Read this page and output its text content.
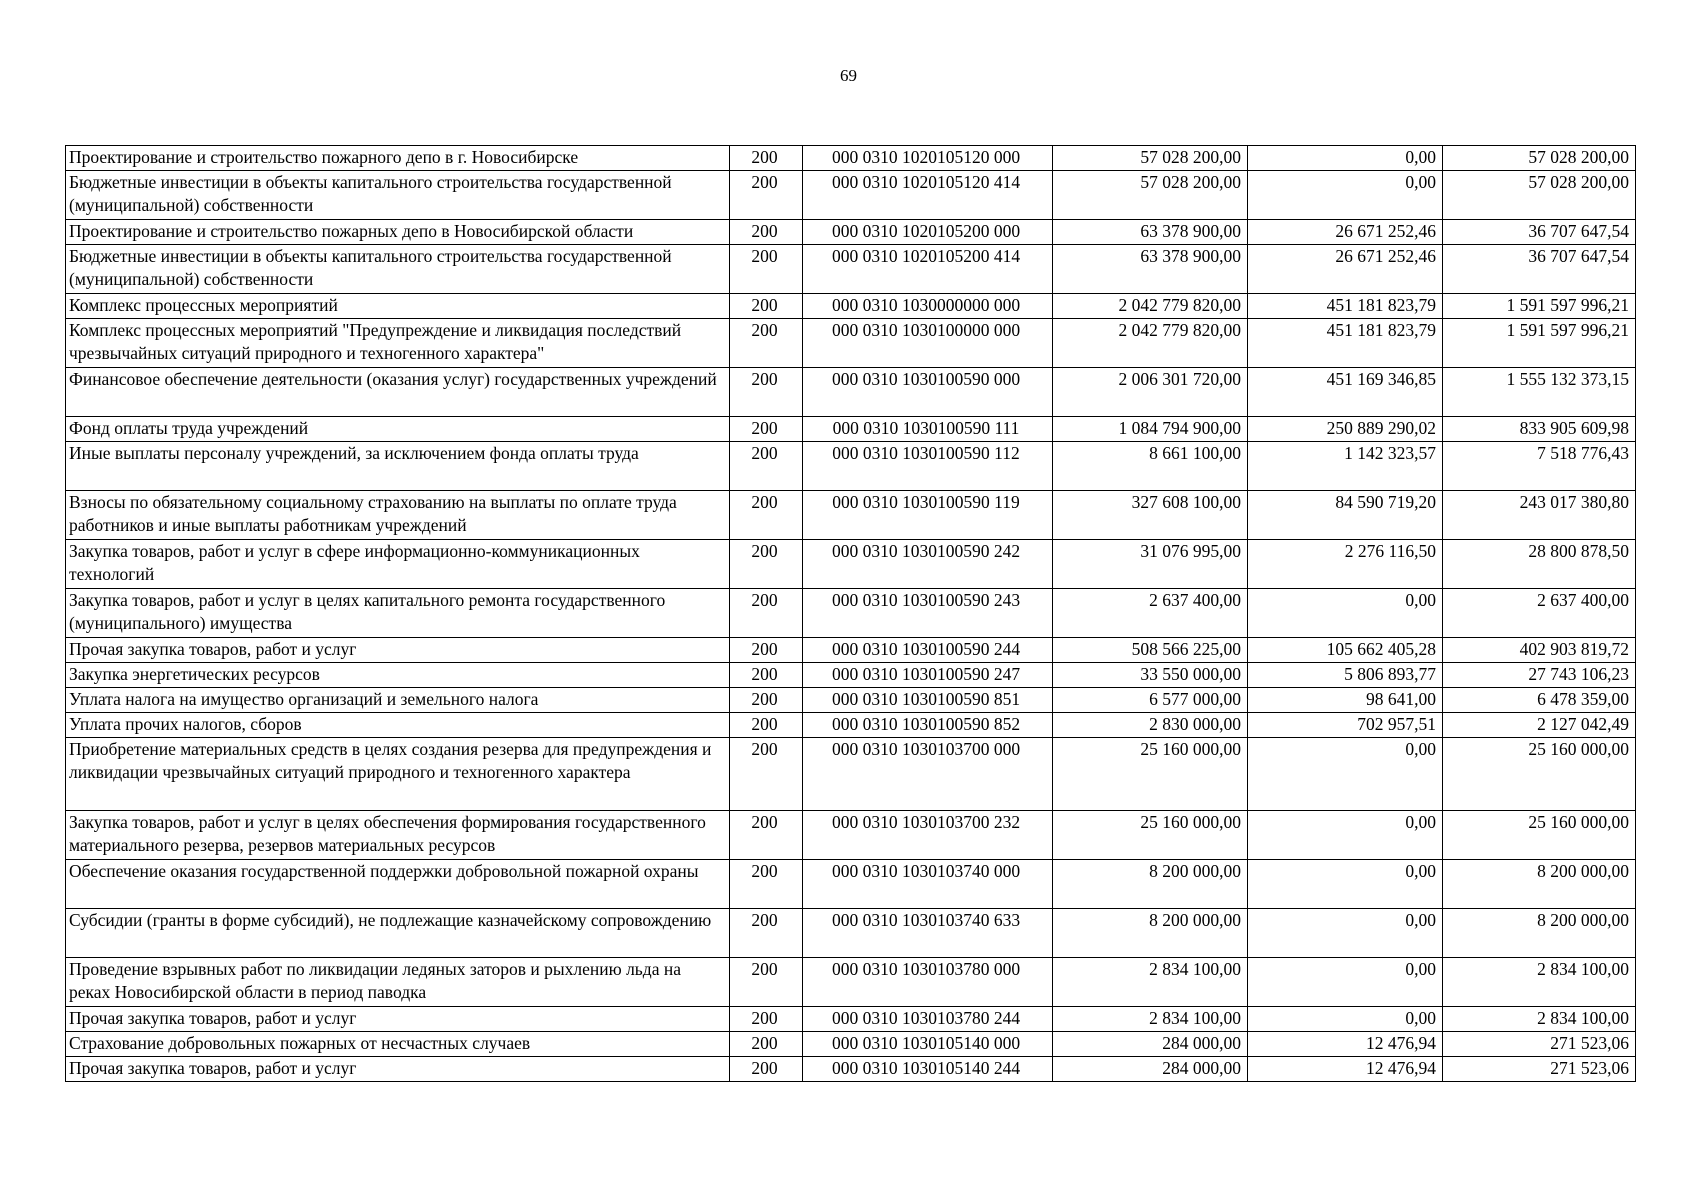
69
Проектирование и строительство пожарного депо в г. Новосибирске	200	000 0310 1020105120 000	57 028 200,00	0,00	57 028 200,00
Бюджетные инвестиции в объекты капитального строительства государственной (муниципальной) собственности	200	000 0310 1020105120 414	57 028 200,00	0,00	57 028 200,00
Проектирование и строительство пожарных депо в Новосибирской области	200	000 0310 1020105200 000	63 378 900,00	26 671 252,46	36 707 647,54
Бюджетные инвестиции в объекты капитального строительства государственной (муниципальной) собственности	200	000 0310 1020105200 414	63 378 900,00	26 671 252,46	36 707 647,54
Комплекс процессных мероприятий	200	000 0310 1030000000 000	2 042 779 820,00	451 181 823,79	1 591 597 996,21
Комплекс процессных мероприятий "Предупреждение и ликвидация последствий чрезвычайных ситуаций природного и техногенного характера"	200	000 0310 1030100000 000	2 042 779 820,00	451 181 823,79	1 591 597 996,21
Финансовое обеспечение деятельности (оказания услуг) государственных учреждений	200	000 0310 1030100590 000	2 006 301 720,00	451 169 346,85	1 555 132 373,15
Фонд оплаты труда учреждений	200	000 0310 1030100590 111	1 084 794 900,00	250 889 290,02	833 905 609,98
Иные выплаты персоналу учреждений, за исключением фонда оплаты труда	200	000 0310 1030100590 112	8 661 100,00	1 142 323,57	7 518 776,43
Взносы по обязательному социальному страхованию на выплаты по оплате труда работников и иные выплаты работникам учреждений	200	000 0310 1030100590 119	327 608 100,00	84 590 719,20	243 017 380,80
Закупка товаров, работ и услуг в сфере информационно-коммуникационных технологий	200	000 0310 1030100590 242	31 076 995,00	2 276 116,50	28 800 878,50
Закупка товаров, работ и услуг в целях капитального ремонта государственного (муниципального) имущества	200	000 0310 1030100590 243	2 637 400,00	0,00	2 637 400,00
Прочая закупка товаров, работ и услуг	200	000 0310 1030100590 244	508 566 225,00	105 662 405,28	402 903 819,72
Закупка энергетических ресурсов	200	000 0310 1030100590 247	33 550 000,00	5 806 893,77	27 743 106,23
Уплата налога на имущество организаций и земельного налога	200	000 0310 1030100590 851	6 577 000,00	98 641,00	6 478 359,00
Уплата прочих налогов, сборов	200	000 0310 1030100590 852	2 830 000,00	702 957,51	2 127 042,49
Приобретение материальных средств в целях создания резерва для предупреждения и ликвидации чрезвычайных ситуаций природного и техногенного характера	200	000 0310 1030103700 000	25 160 000,00	0,00	25 160 000,00
Закупка товаров, работ и услуг в целях обеспечения формирования государственного материального резерва, резервов материальных ресурсов	200	000 0310 1030103700 232	25 160 000,00	0,00	25 160 000,00
Обеспечение оказания государственной поддержки добровольной пожарной охраны	200	000 0310 1030103740 000	8 200 000,00	0,00	8 200 000,00
Субсидии (гранты в форме субсидий), не подлежащие казначейскому сопровождению	200	000 0310 1030103740 633	8 200 000,00	0,00	8 200 000,00
Проведение взрывных работ по ликвидации ледяных заторов и рыхлению льда на реках Новосибирской области в период паводка	200	000 0310 1030103780 000	2 834 100,00	0,00	2 834 100,00
Прочая закупка товаров, работ и услуг	200	000 0310 1030103780 244	2 834 100,00	0,00	2 834 100,00
Страхование добровольных пожарных от несчастных случаев	200	000 0310 1030105140 000	284 000,00	12 476,94	271 523,06
Прочая закупка товаров, работ и услуг	200	000 0310 1030105140 244	284 000,00	12 476,94	271 523,06
